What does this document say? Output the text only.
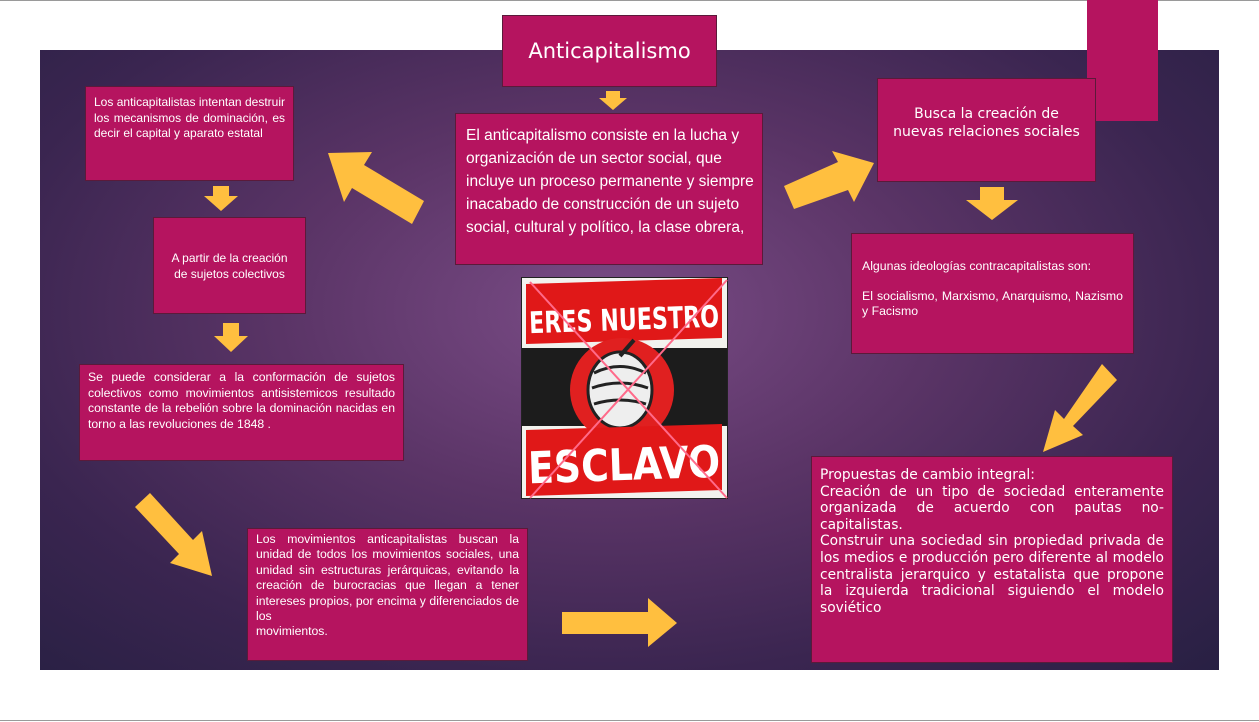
Anticapitalismo
El anticapitalismo consiste en la lucha y organización de un sector social, que incluye un proceso permanente y siempre inacabado de construcción de un sujeto social, cultural y político, la clase obrera,
Los anticapitalistas intentan destruir los mecanismos de dominación, es decir el capital y aparato estatal
A partir de la creación de sujetos colectivos
Se puede considerar a la conformación de sujetos colectivos como movimientos antisistemicos resultado constante de la rebelión sobre la dominación nacidas en torno a las revoluciones de 1848 .
Los movimientos anticapitalistas buscan la unidad de todos los movimientos sociales, una unidad sin estructuras jerárquicas, evitando la creación de burocracias que llegan a tener intereses propios, por encima y diferenciados de los

movimientos.
Busca la creación de nuevas relaciones sociales
Algunas ideologías contracapitalistas son:
El socialismo, Marxismo, Anarquismo, Nazismo y Facismo
Propuestas de cambio integral:
Creación de un tipo de sociedad enteramente organizada de acuerdo con pautas no-capitalistas.
Construir una sociedad sin propiedad privada de los medios e producción pero diferente al modelo centralista jerarquico y estatalista que propone la izquierda tradicional siguiendo el modelo soviético
ERES NUESTRO
ESCLAVO
